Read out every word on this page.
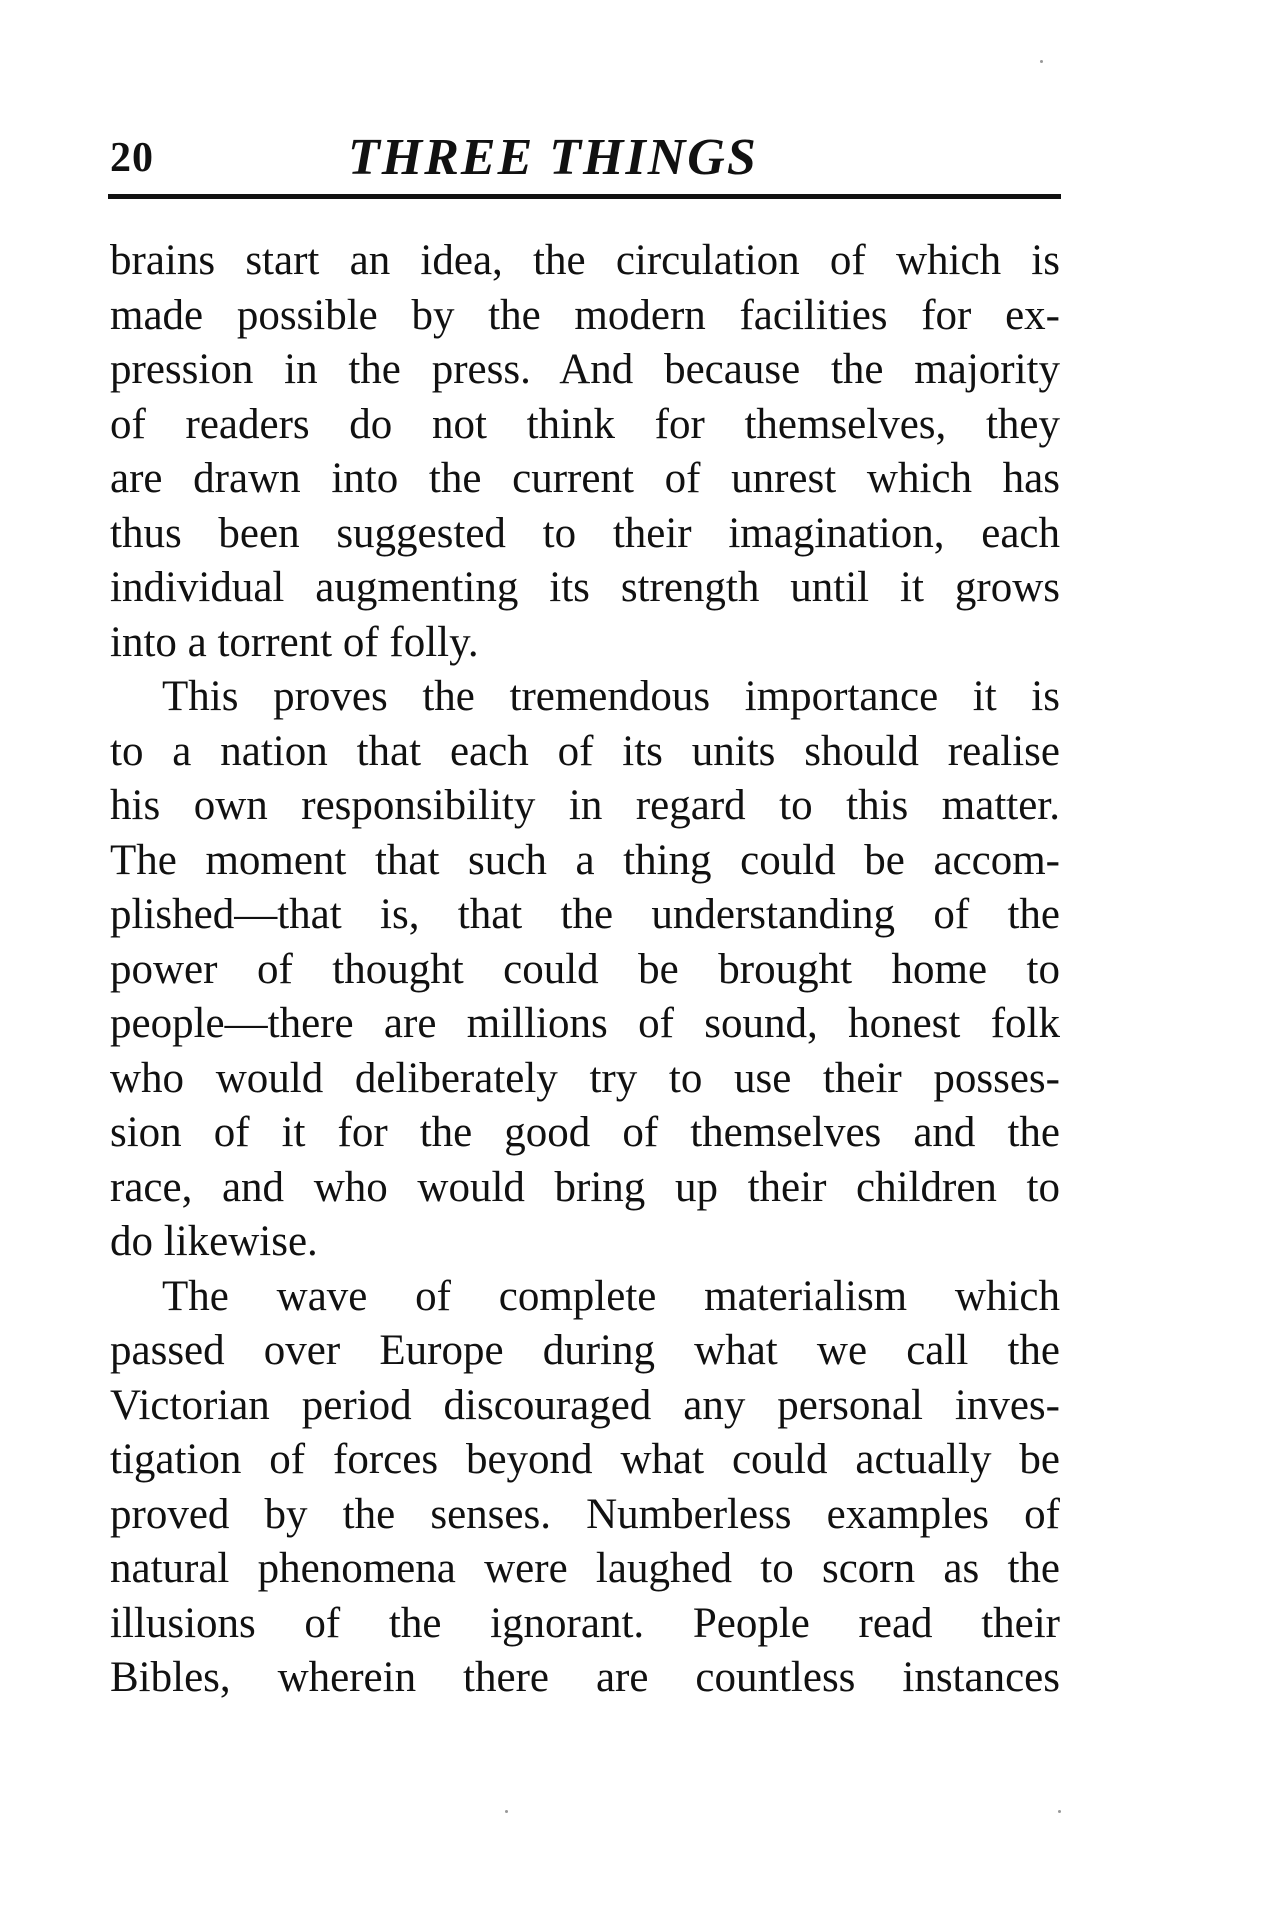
20	THREE THINGS
brains start an idea, the circulation of which is
made possible by the modern facilities for ex-
pression in the press. And because the majority
of readers do not think for themselves, they
are drawn into the current of unrest which has
thus been suggested to their imagination, each
individual augmenting its strength until it grows
into a torrent of folly.
This proves the tremendous importance it is
to a nation that each of its units should realise
his own responsibility in regard to this matter.
The moment that such a thing could be accom-
plished—that is, that the understanding of the
power of thought could be brought home to
people—there are millions of sound, honest folk
who would deliberately try to use their posses-
sion of it for the good of themselves and the
race, and who would bring up their children to
do likewise.
The wave of complete materialism which
passed over Europe during what we call the
Victorian period discouraged any personal inves-
tigation of forces beyond what could actually be
proved by the senses. Numberless examples of
natural phenomena were laughed to scorn as the
illusions of the ignorant. People read their
Bibles, wherein there are countless instances
